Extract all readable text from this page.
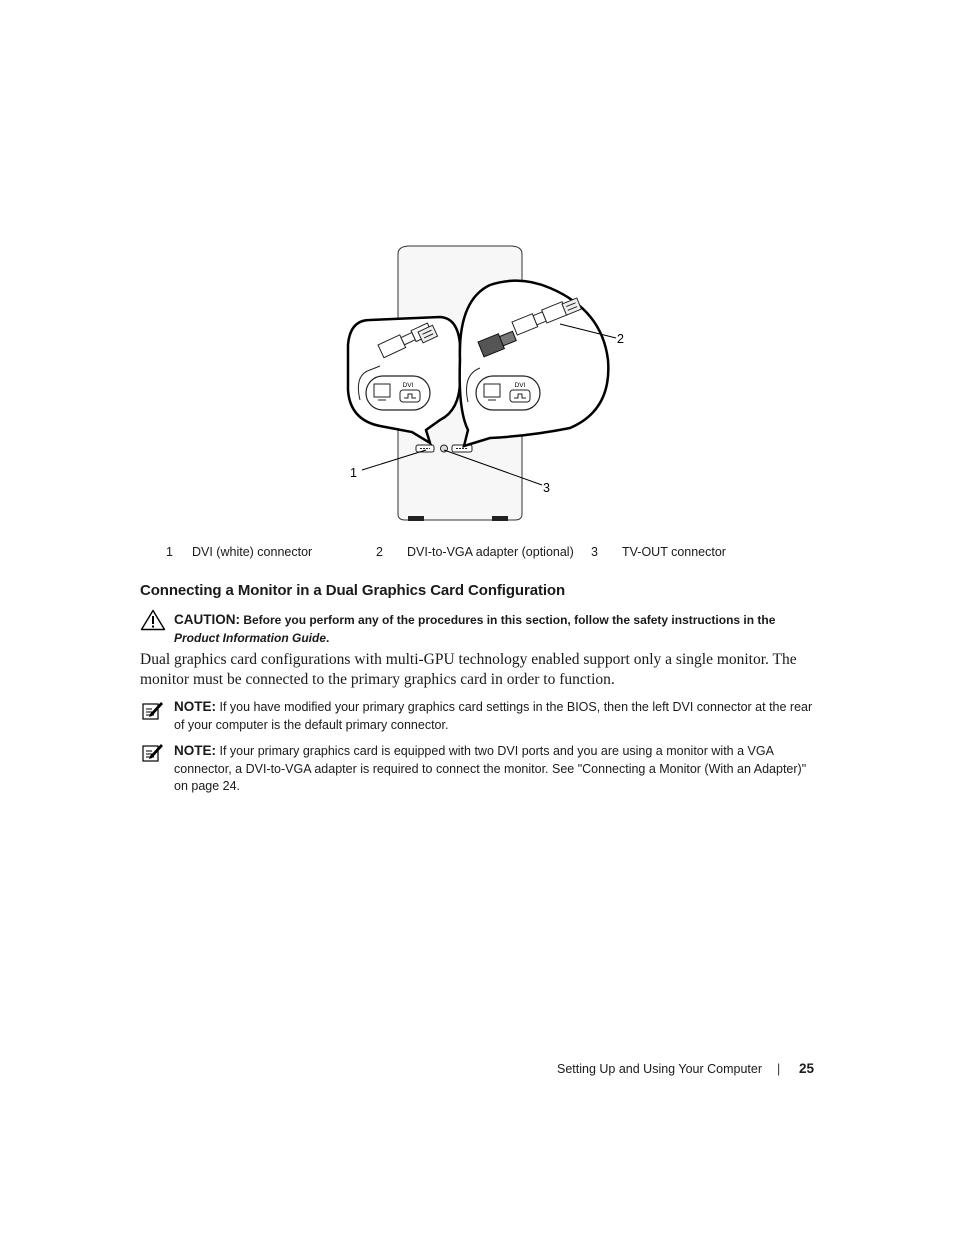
DVI	DVI
1
2
3
1 DVI (white) connector	2 DVI-to-VGA adapter (optional) 3 TV-OUT connector
Connecting a Monitor in a Dual Graphics Card Configuration
CAUTION: Before you perform any of the procedures in this section, follow the safety instructions in the Product Information Guide.
Dual graphics card configurations with multi-GPU technology enabled support only a single monitor. The monitor must be connected to the primary graphics card in order to function.
NOTE: If you have modified your primary graphics card settings in the BIOS, then the left DVI connector at the rear of your computer is the default primary connector.
NOTE: If your primary graphics card is equipped with two DVI ports and you are using a monitor with a VGA connector, a DVI-to-VGA adapter is required to connect the monitor. See "Connecting a Monitor (With an Adapter)" on page 24.
Setting Up and Using Your Computer | 25
